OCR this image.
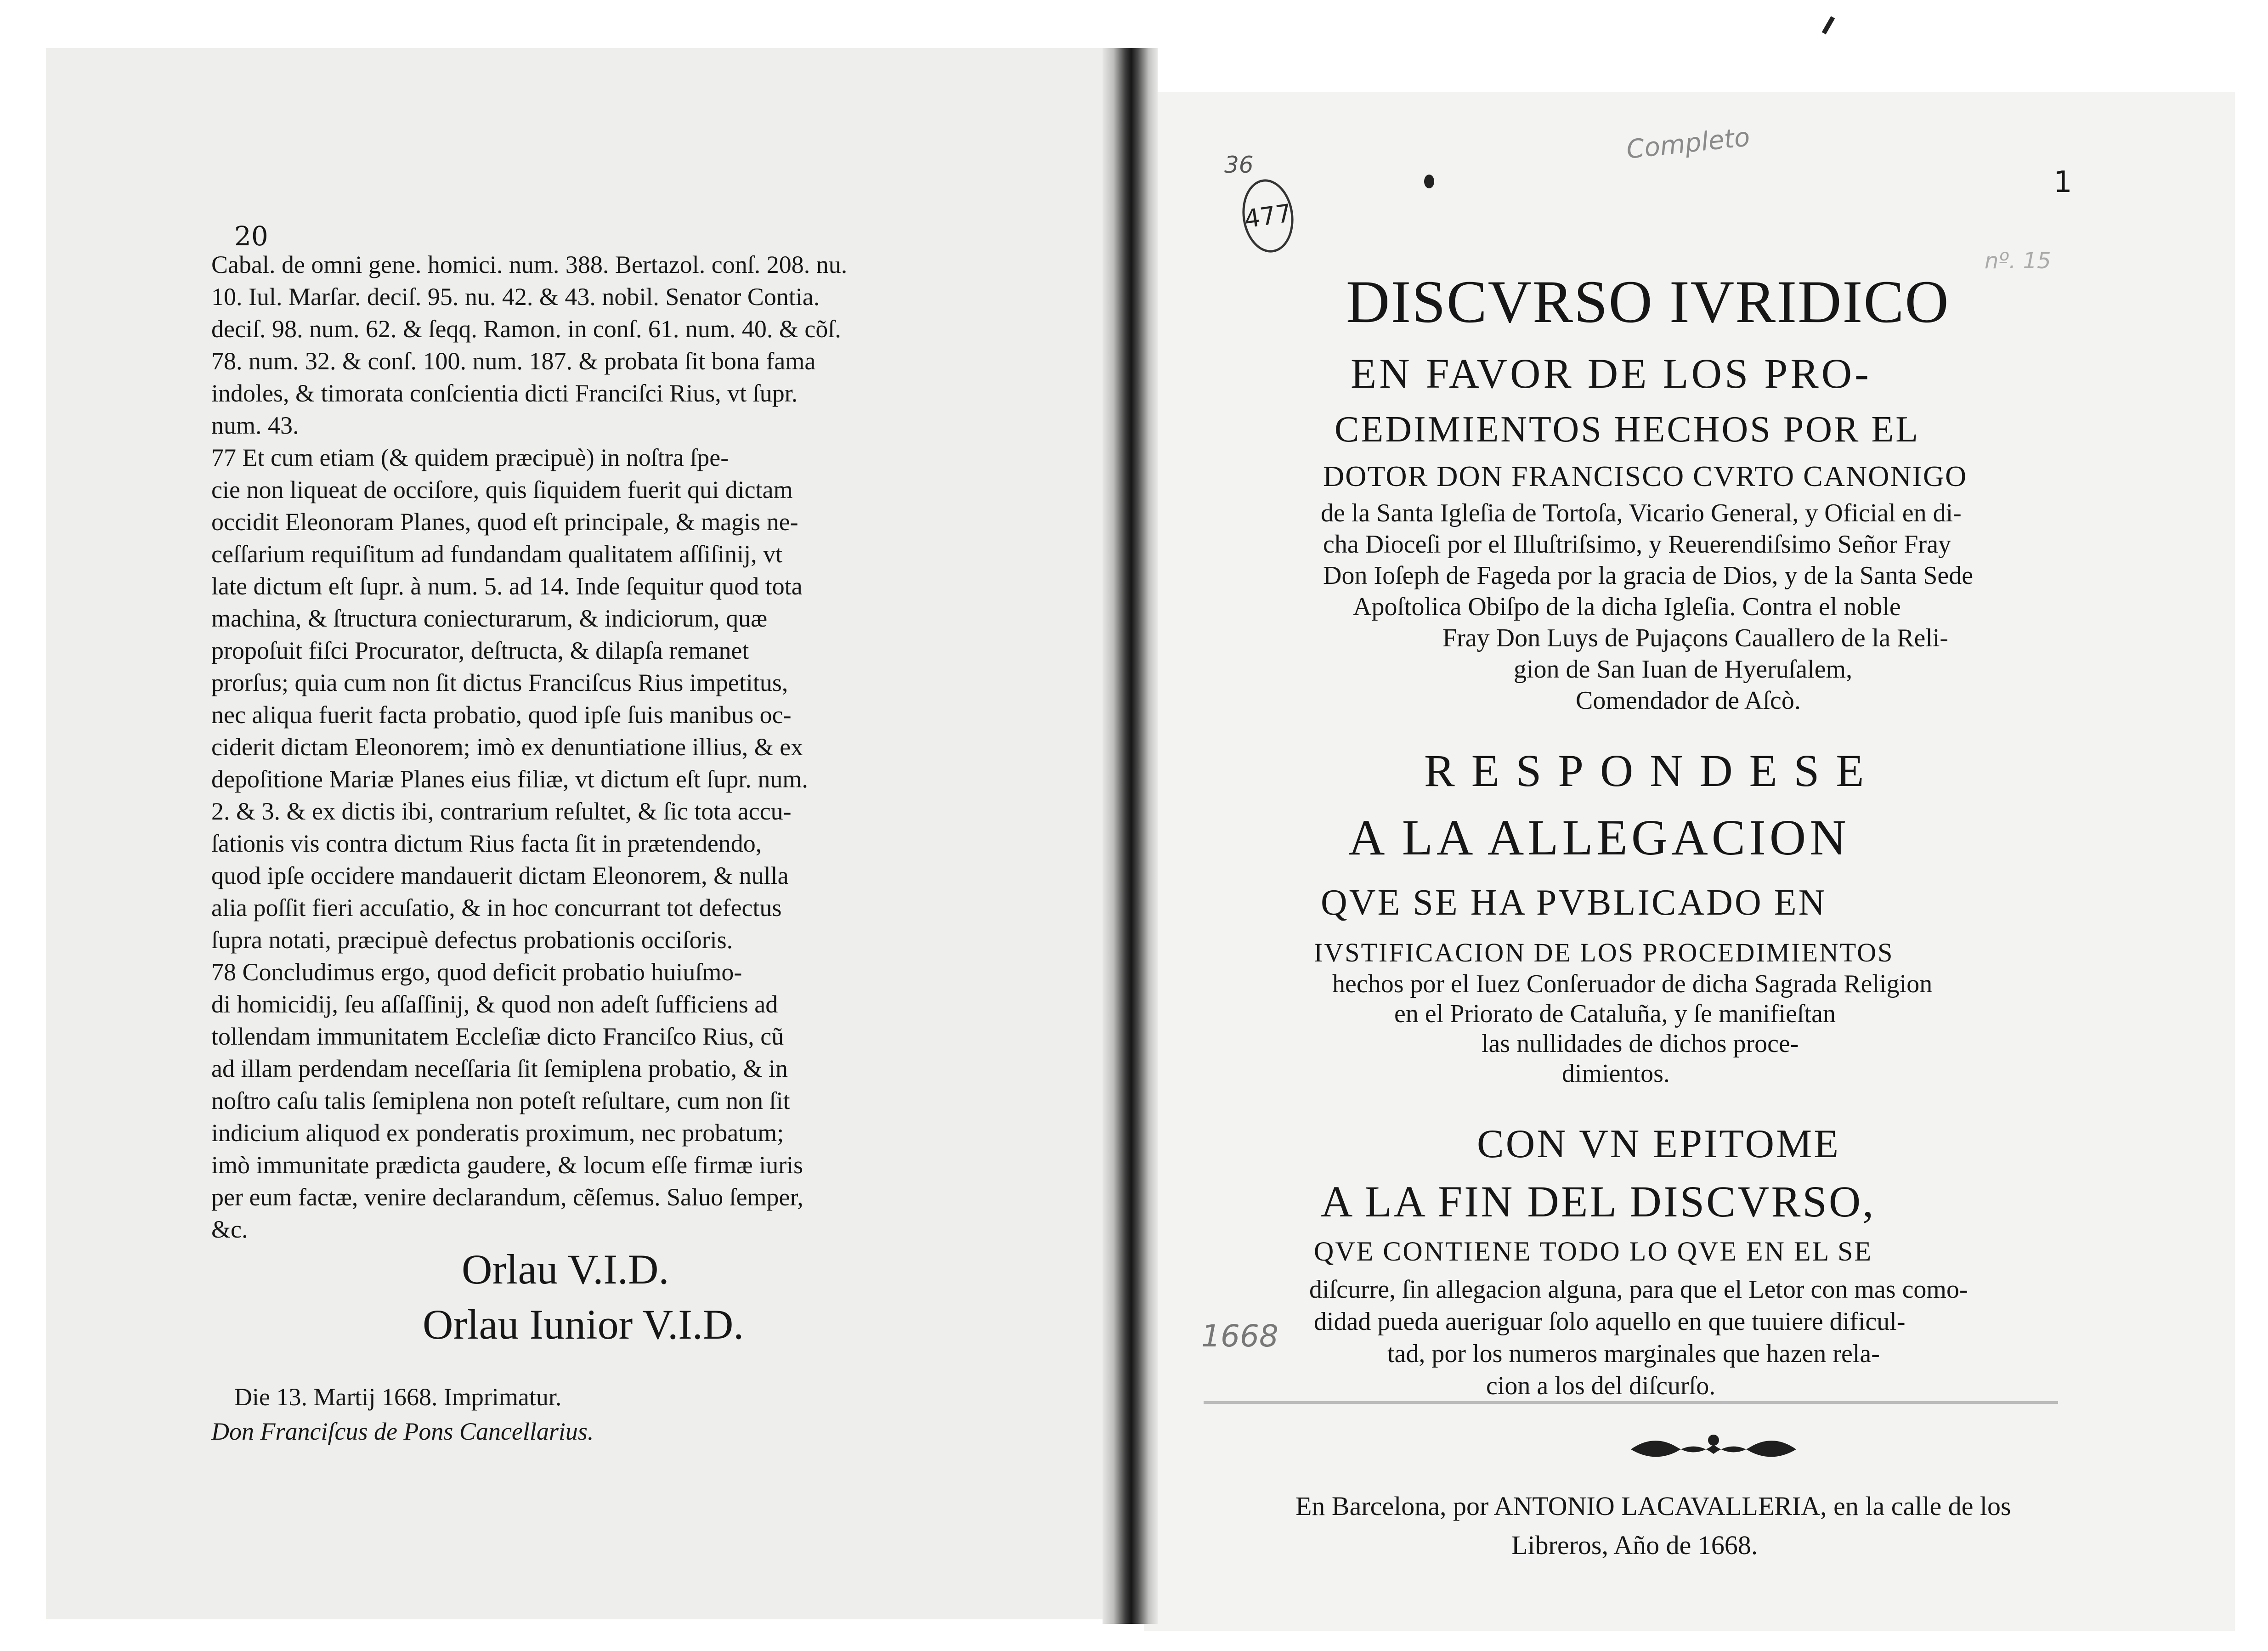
20
Cabal. de omni gene. homici. num. 388. Bertazol. conſ. 208. nu.
10. Iul. Marſar. deciſ. 95. nu. 42. & 43. nobil. Senator Contia.
deciſ. 98. num. 62. & ſeqq. Ramon. in conſ. 61. num. 40. & cõſ.
78. num. 32. & conſ. 100. num. 187. & probata ſit bona fama
indoles, & timorata conſcientia dicti Franciſci Rius, vt ſupr.
num. 43.
77 Et cum etiam (& quidem præcipuè) in noſtra ſpe-
cie non liqueat de occiſore, quis ſiquidem fuerit qui dictam
occidit Eleonoram Planes, quod eſt principale, & magis ne-
ceſſarium requiſitum ad fundandam qualitatem aſſiſinij, vt
late dictum eſt ſupr. à num. 5. ad 14. Inde ſequitur quod tota
machina, & ſtructura coniecturarum, & indiciorum, quæ
propoſuit fiſci Procurator, deſtructa, & dilapſa remanet
prorſus; quia cum non ſit dictus Franciſcus Rius impetitus,
nec aliqua fuerit facta probatio, quod ipſe ſuis manibus oc-
ciderit dictam Eleonorem; imò ex denuntiatione illius, & ex
depoſitione Mariæ Planes eius filiæ, vt dictum eſt ſupr. num.
2. & 3. & ex dictis ibi, contrarium reſultet, & ſic tota accu-
ſationis vis contra dictum Rius facta ſit in prætendendo,
quod ipſe occidere mandauerit dictam Eleonorem, & nulla
alia poſſit fieri accuſatio, & in hoc concurrant tot defectus
ſupra notati, præcipuè defectus probationis occiſoris.
78 Concludimus ergo, quod deficit probatio huiuſmo-
di homicidij, ſeu aſſaſſinij, & quod non adeſt ſufficiens ad
tollendam immunitatem Eccleſiæ dicto Franciſco Rius, cũ
ad illam perdendam neceſſaria ſit ſemiplena probatio, & in
noſtro caſu talis ſemiplena non poteſt reſultare, cum non ſit
indicium aliquod ex ponderatis proximum, nec probatum;
imò immunitate prædicta gaudere, & locum eſſe firmæ iuris
per eum factæ, venire declarandum, cẽſemus. Saluo ſemper,
&c.
Orlau V.I.D.
Orlau Iunior V.I.D.
Die 13. Martij 1668. Imprimatur.
Don Franciſcus de Pons Cancellarius.
Completo
36
477
1
nº. 15
1668
DISCVRSO IVRIDICO
EN FAVOR DE LOS PRO-
CEDIMIENTOS HECHOS POR EL
DOTOR DON FRANCISCO CVRTO CANONIGO
de la Santa Igleſia de Tortoſa, Vicario General, y Oficial en di-
cha Dioceſi por el Illuſtriſsimo, y Reuerendiſsimo Señor Fray
Don Ioſeph de Fageda por la gracia de Dios, y de la Santa Sede
Apoſtolica Obiſpo de la dicha Igleſia. Contra el noble
Fray Don Luys de Pujaçons Cauallero de la Reli-
gion de San Iuan de Hyeruſalem,
Comendador de Aſcò.
RESPONDESE
A LA ALLEGACION
QVE SE HA PVBLICADO EN
IVSTIFICACION DE LOS PROCEDIMIENTOS
hechos por el Iuez Conſeruador de dicha Sagrada Religion
en el Priorato de Cataluña, y ſe manifieſtan
las nullidades de dichos proce-
dimientos.
CON VN EPITOME
A LA FIN DEL DISCVRSO,
QVE CONTIENE TODO LO QVE EN EL SE
diſcurre, ſin allegacion alguna, para que el Letor con mas como-
didad pueda aueriguar ſolo aquello en que tuuiere dificul-
tad, por los numeros marginales que hazen rela-
cion a los del diſcurſo.
En Barcelona, por ANTONIO LACAVALLERIA, en la calle de los
Libreros, Año de 1668.
